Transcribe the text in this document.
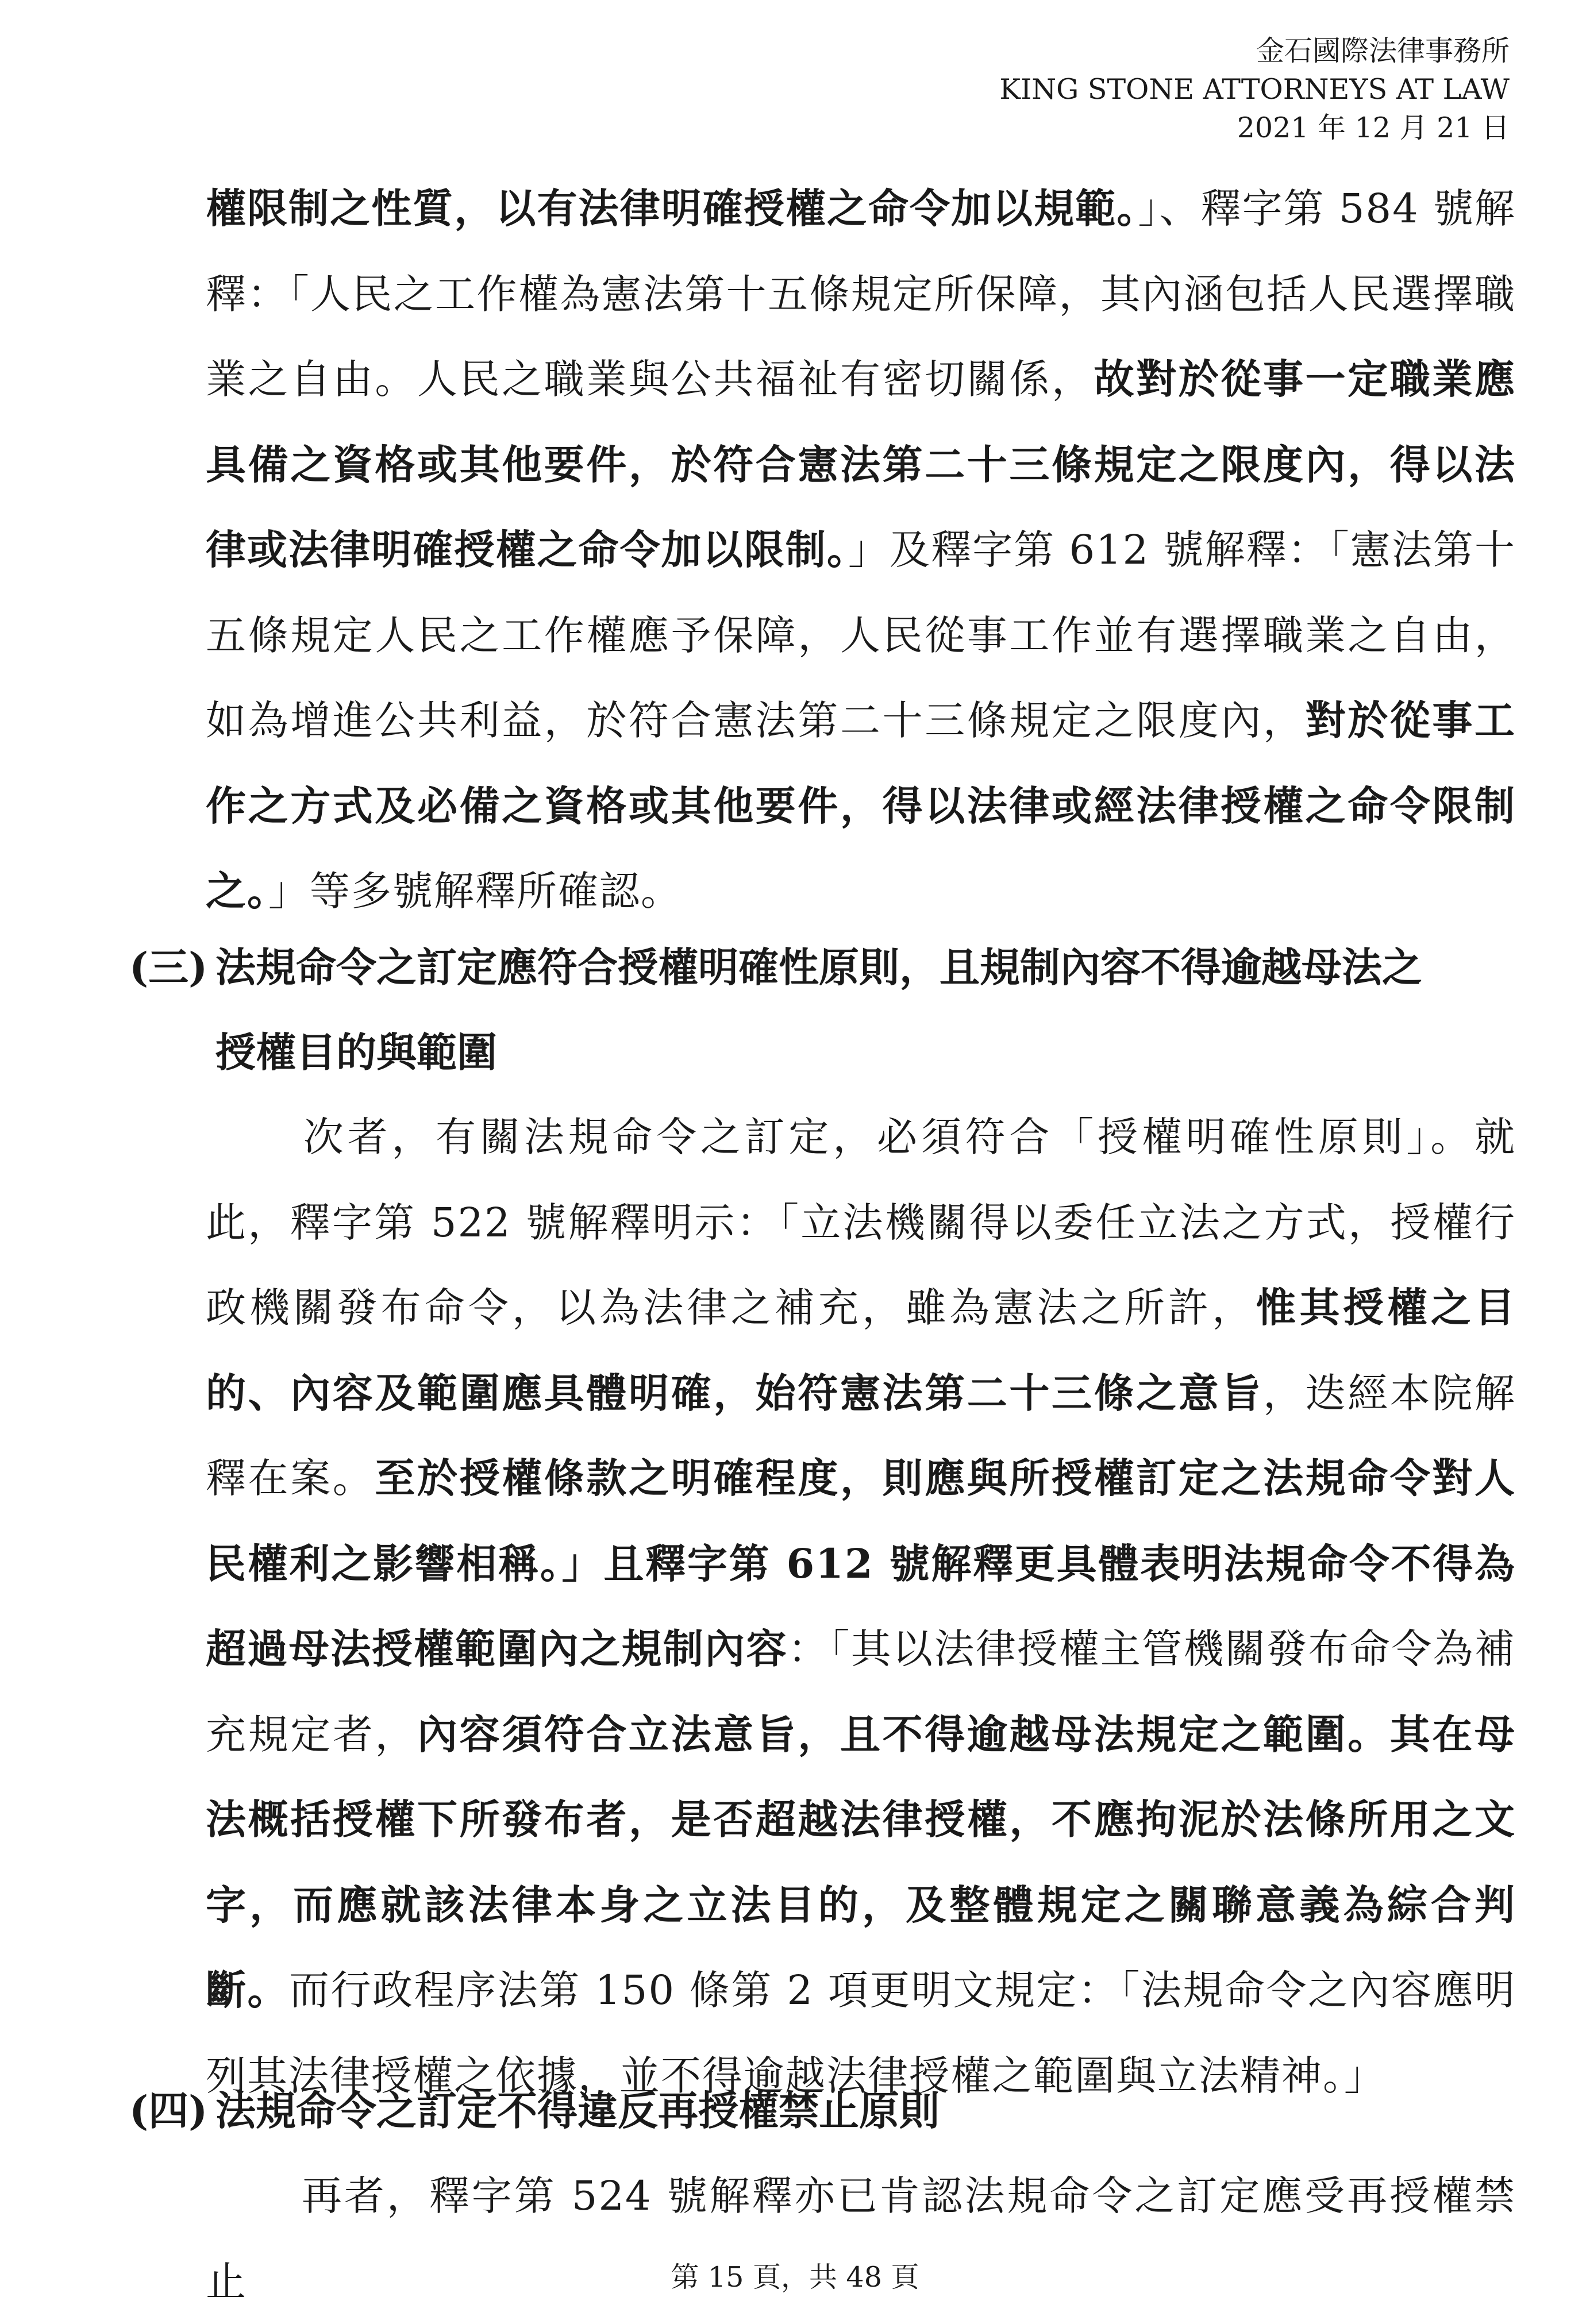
金石國際法律事務所
KING STONE ATTORNEYS AT LAW
2021 年 12 月 21 日
權限制之性質，以有法律明確授權之命令加以規範。」、釋字第 584 號解釋：「人民之工作權為憲法第十五條規定所保障，其內涵包括人民選擇職業之自由。人民之職業與公共福祉有密切關係，故對於從事一定職業應具備之資格或其他要件，於符合憲法第二十三條規定之限度內，得以法律或法律明確授權之命令加以限制。」及釋字第 612 號解釋：「憲法第十五條規定人民之工作權應予保障，人民從事工作並有選擇職業之自由，如為增進公共利益，於符合憲法第二十三條規定之限度內，對於從事工作之方式及必備之資格或其他要件，得以法律或經法律授權之命令限制之。」等多號解釋所確認。
(三) 法規命令之訂定應符合授權明確性原則，且規制內容不得逾越母法之
授權目的與範圍
次者，有關法規命令之訂定，必須符合「授權明確性原則」。就此，釋字第 522 號解釋明示：「立法機關得以委任立法之方式，授權行政機關發布命令，以為法律之補充，雖為憲法之所許，惟其授權之目的、內容及範圍應具體明確，始符憲法第二十三條之意旨，迭經本院解釋在案。至於授權條款之明確程度，則應與所授權訂定之法規命令對人民權利之影響相稱。」且釋字第 612 號解釋更具體表明法規命令不得為超過母法授權範圍內之規制內容：「其以法律授權主管機關發布命令為補充規定者，內容須符合立法意旨，且不得逾越母法規定之範圍。其在母法概括授權下所發布者，是否超越法律授權，不應拘泥於法條所用之文字，而應就該法律本身之立法目的，及整體規定之關聯意義為綜合判斷。而行政程序法第 150 條第 2 項更明文規定：「法規命令之內容應明列其法律授權之依據，並不得逾越法律授權之範圍與立法精神。」
(四) 法規命令之訂定不得違反再授權禁止原則
再者，釋字第 524 號解釋亦已肯認法規命令之訂定應受再授權禁止	第 15 頁，共 48 頁
